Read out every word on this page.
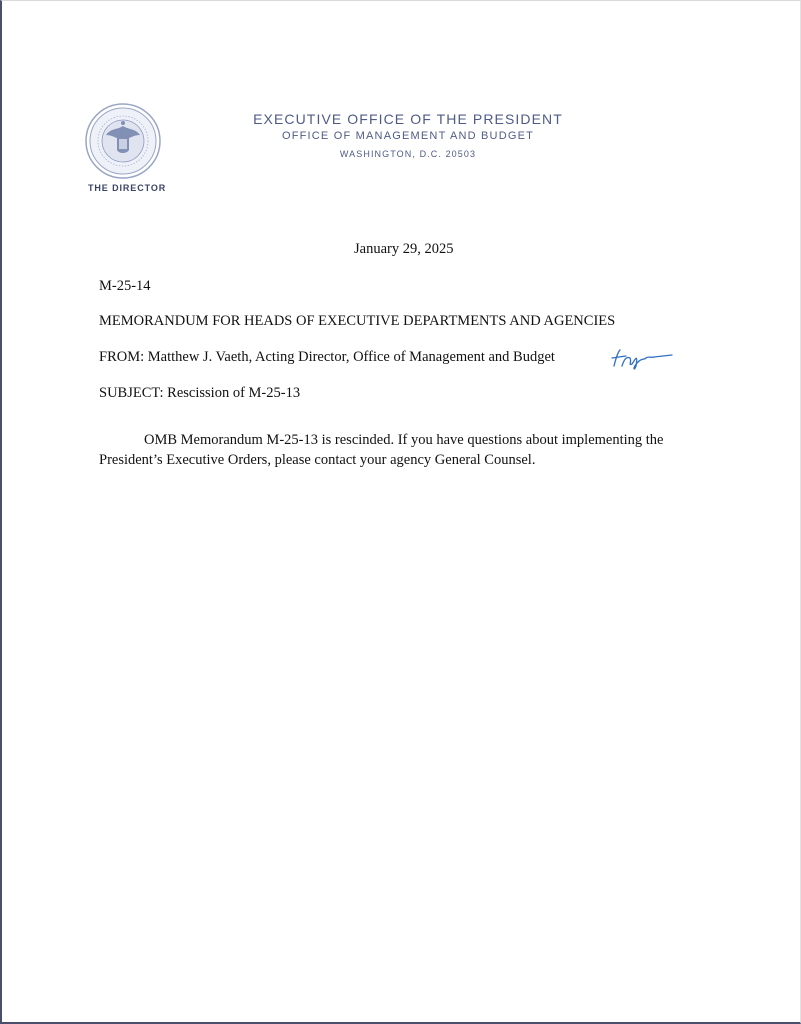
THE DIRECTOR
EXECUTIVE OFFICE OF THE PRESIDENT
OFFICE OF MANAGEMENT AND BUDGET
WASHINGTON, D.C. 20503
January 29, 2025
M-25-14
MEMORANDUM FOR HEADS OF EXECUTIVE DEPARTMENTS AND AGENCIES
FROM: Matthew J. Vaeth, Acting Director, Office of Management and Budget
SUBJECT: Rescission of M-25-13
OMB Memorandum M-25-13 is rescinded. If you have questions about implementing the
President’s Executive Orders, please contact your agency General Counsel.
